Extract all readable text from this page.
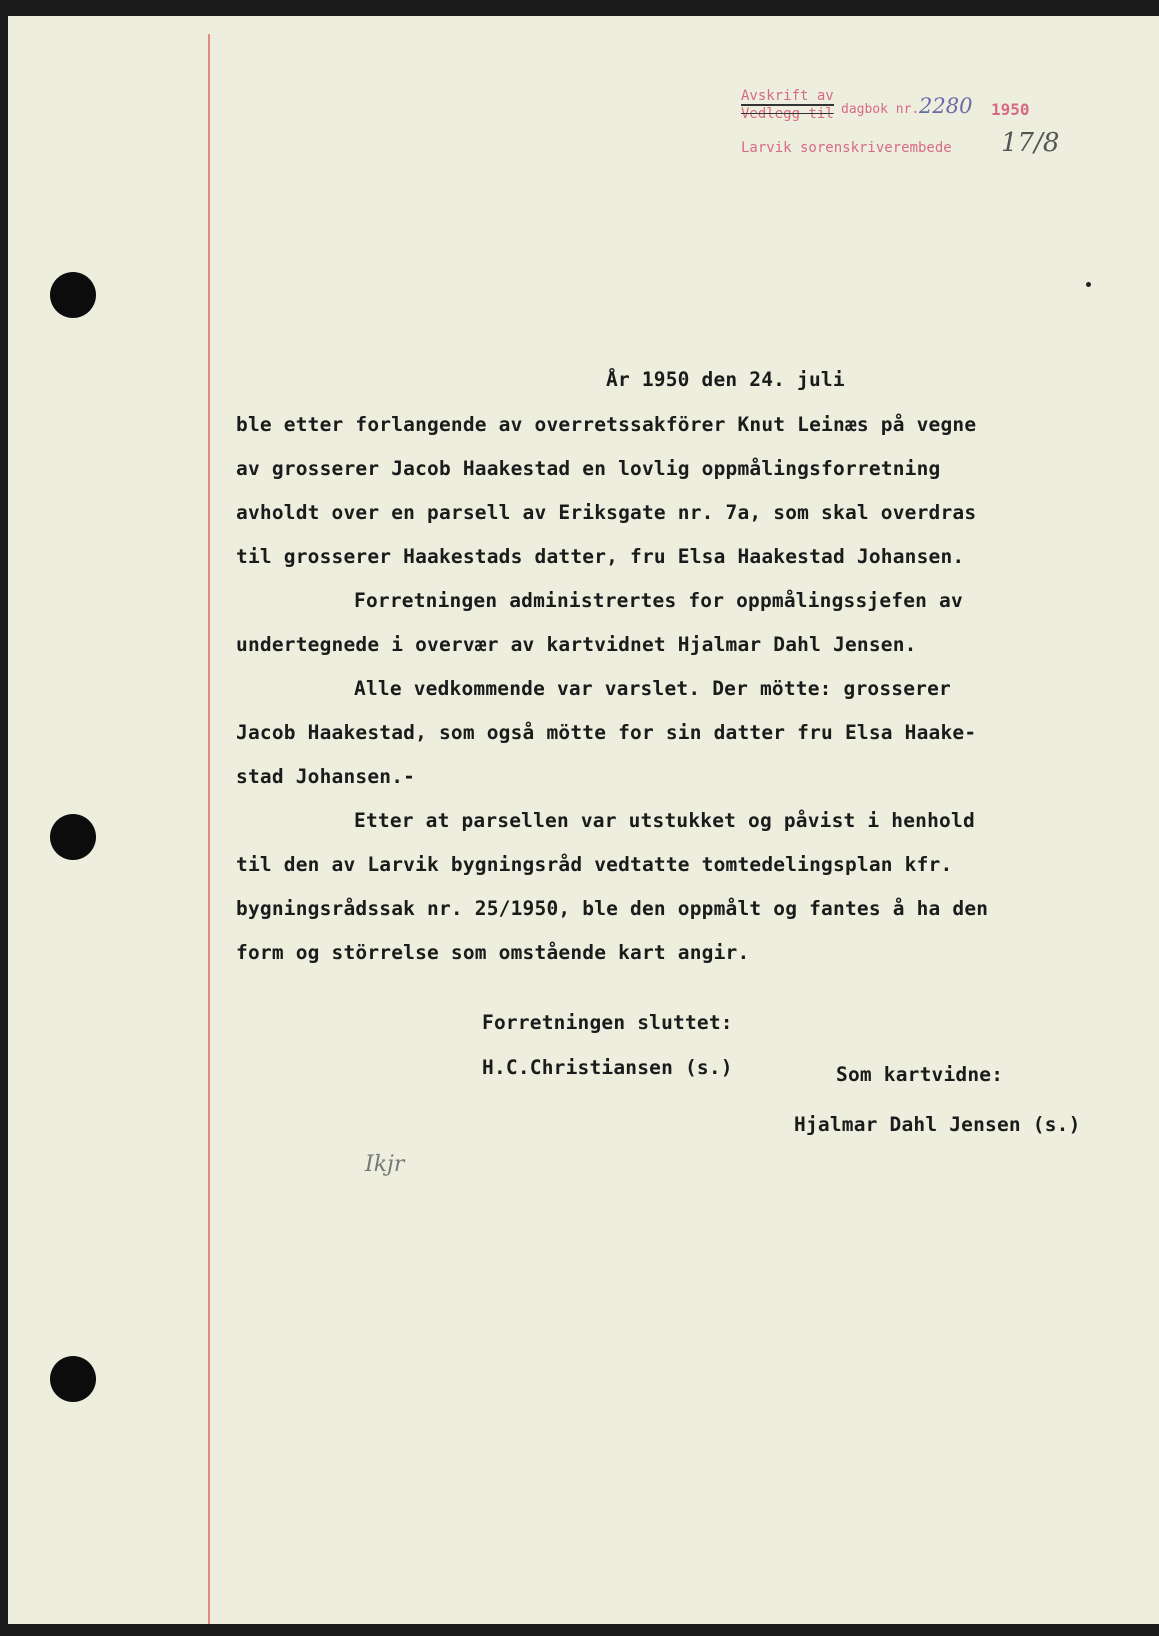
Avskrift av
Vedlegg til dagbok nr. 2280 1950
Larvik sorenskriverembede 17/8
År 1950 den 24. juli
ble etter forlangende av overretssakförer Knut Leinæs på vegne
av grosserer Jacob Haakestad en lovlig oppmålingsforretning
avholdt over en parsell av Eriksgate nr. 7a, som skal overdras
til grosserer Haakestads datter, fru Elsa Haakestad Johansen.
Forretningen administrertes for oppmålingssjefen av
undertegnede i overvær av kartvidnet Hjalmar Dahl Jensen.
Alle vedkommende var varslet. Der mötte: grosserer
Jacob Haakestad, som også mötte for sin datter fru Elsa Haake-
stad Johansen.-
Etter at parsellen var utstukket og påvist i henhold
til den av Larvik bygningsråd vedtatte tomtedelingsplan kfr.
bygningsrådssak nr. 25/1950, ble den oppmålt og fantes å ha den
form og störrelse som omstående kart angir.
Forretningen sluttet:
H.C.Christiansen (s.)	Som kartvidne:
Hjalmar Dahl Jensen (s.)
Ikjr
